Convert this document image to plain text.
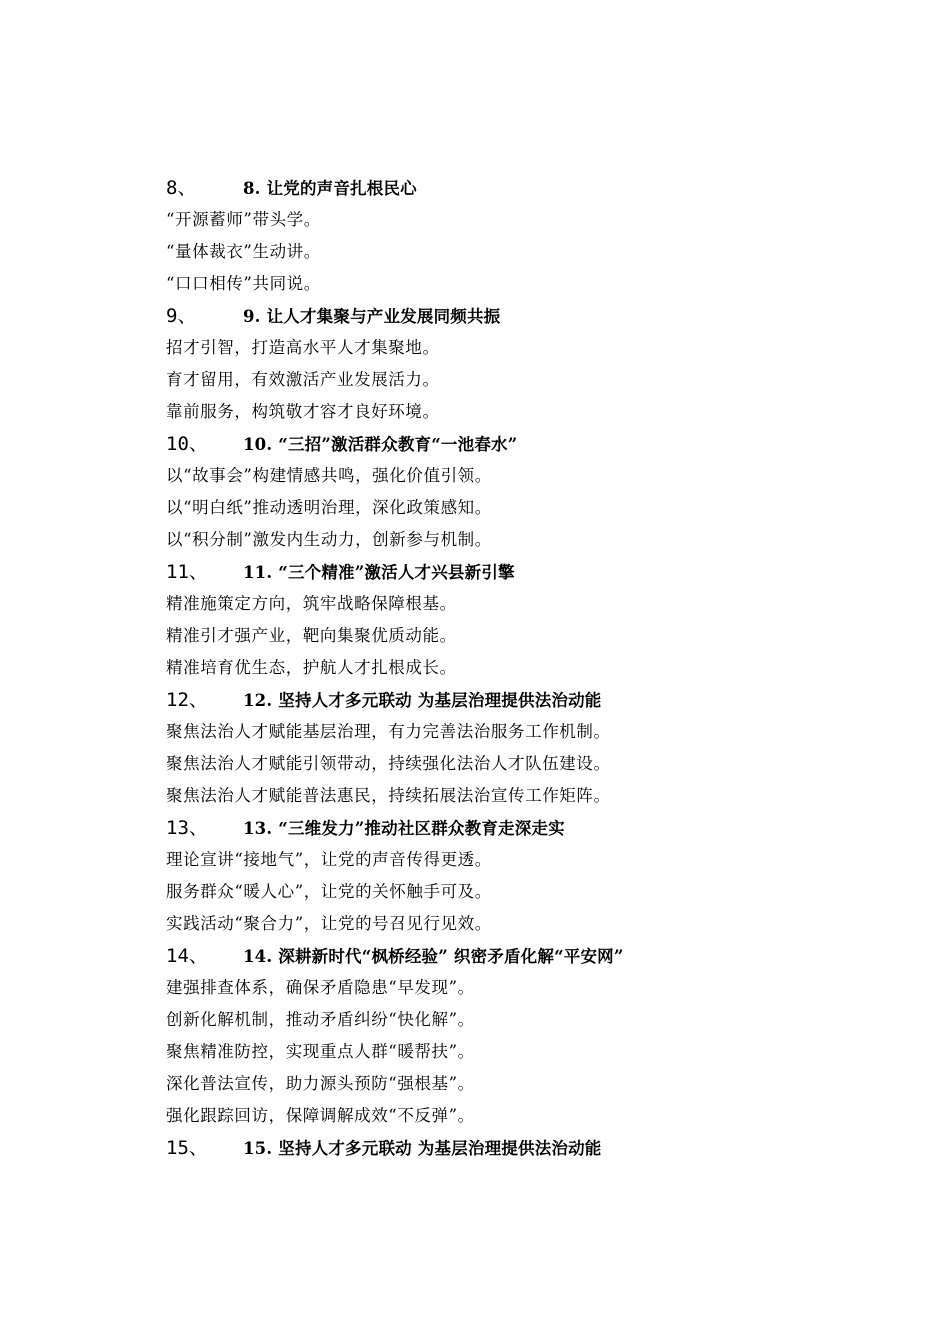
8、	8. 让党的声音扎根民心
“开源蓄师”带头学。
“量体裁衣”生动讲。
“口口相传”共同说。
9、	9. 让人才集聚与产业发展同频共振
招才引智，打造高水平人才集聚地。
育才留用，有效激活产业发展活力。
靠前服务，构筑敬才容才良好环境。
10、 10. “三招”激活群众教育“一池春水”
以“故事会”构建情感共鸣，强化价值引领。
以“明白纸”推动透明治理，深化政策感知。
以“积分制”激发内生动力，创新参与机制。
11、 11. “三个精准”激活人才兴县新引擎
精准施策定方向，筑牢战略保障根基。
精准引才强产业，靶向集聚优质动能。
精准培育优生态，护航人才扎根成长。
12、 12. 坚持人才多元联动 为基层治理提供法治动能
聚焦法治人才赋能基层治理，有力完善法治服务工作机制。
聚焦法治人才赋能引领带动，持续强化法治人才队伍建设。
聚焦法治人才赋能普法惠民，持续拓展法治宣传工作矩阵。
13、 13. “三维发力”推动社区群众教育走深走实
理论宣讲“接地气”，让党的声音传得更透。
服务群众“暖人心”，让党的关怀触手可及。
实践活动“聚合力”，让党的号召见行见效。
14、 14. 深耕新时代“枫桥经验” 织密矛盾化解“平安网”
建强排查体系，确保矛盾隐患“早发现”。
创新化解机制，推动矛盾纠纷“快化解”。
聚焦精准防控，实现重点人群“暖帮扶”。
深化普法宣传，助力源头预防“强根基”。
强化跟踪回访，保障调解成效“不反弹”。
15、 15. 坚持人才多元联动 为基层治理提供法治动能
